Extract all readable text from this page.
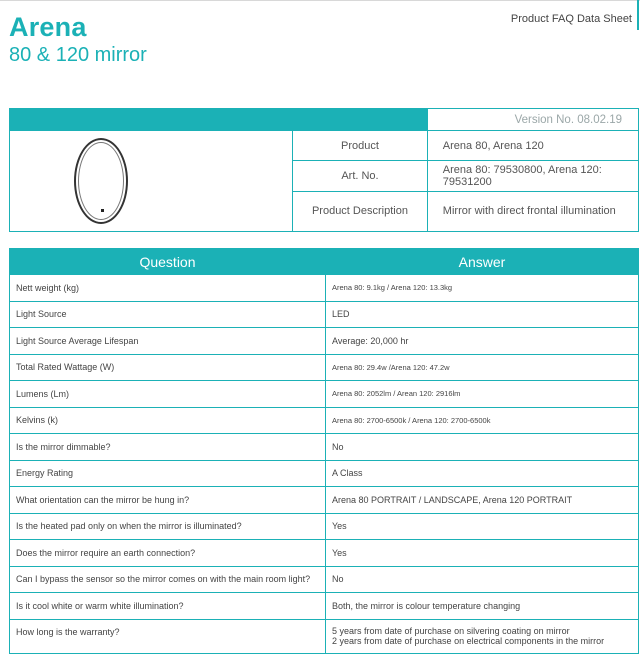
Arena
80 & 120 mirror
Product FAQ Data Sheet
		Version No. 08.02.19

	Product	Arena 80, Arena 120
	Art. No.	Arena 80: 79530800, Arena 120: 79531200
	Product Description	Mirror with direct frontal illumination
Question	Answer
Nett weight (kg)	Arena 80: 9.1kg / Arena 120: 13.3kg
Light Source	LED
Light Source Average Lifespan	Average: 20,000 hr
Total Rated Wattage (W)	Arena 80: 29.4w /Arena 120: 47.2w
Lumens (Lm)	Arena 80: 2052lm / Arean 120: 2916lm
Kelvins (k)	Arena 80: 2700-6500k / Arena 120: 2700-6500k
Is the mirror dimmable?	No
Energy Rating	A Class
What orientation can the mirror be hung in?	Arena 80 PORTRAIT / LANDSCAPE, Arena 120 PORTRAIT
Is the heated pad only on when the mirror is illuminated?	Yes
Does the mirror require an earth connection?	Yes
Can I bypass the sensor so the mirror comes on with the main room light?	No
Is it cool white or warm white illumination?	Both, the mirror is colour temperature changing
How long is the warranty?	5 years from date of purchase on silvering coating on mirror
2 years from date of purchase on electrical components in the mirror
